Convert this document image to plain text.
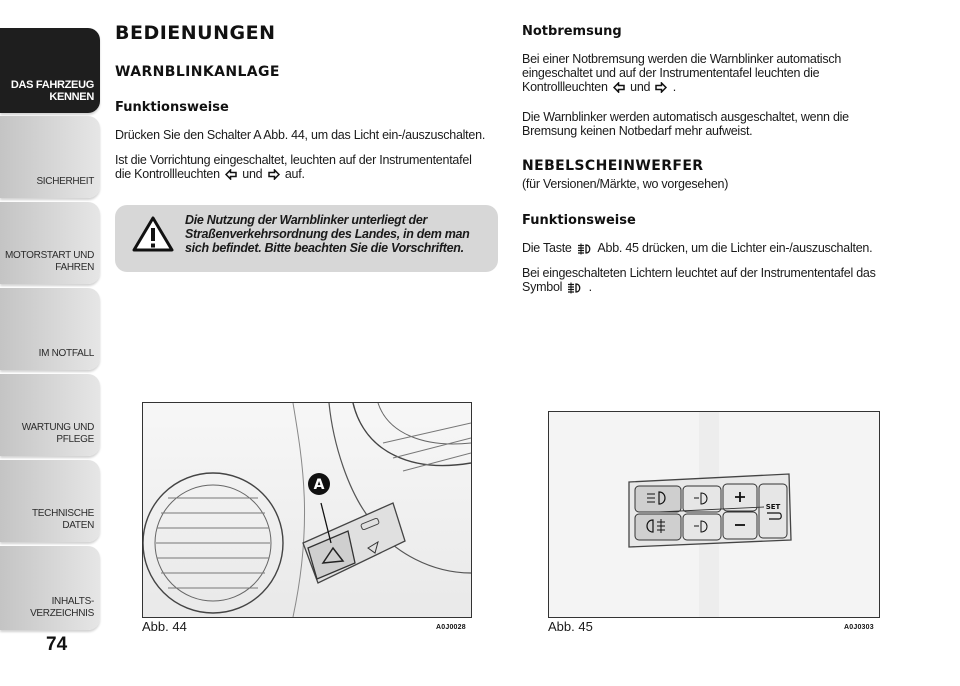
DAS FAHRZEUG
KENNEN
SICHERHEIT
MOTORSTART UND
FAHREN
IM NOTFALL
WARTUNG UND
PFLEGE
TECHNISCHE DATEN
INHALTS-
VERZEICHNIS
74
BEDIENUNGEN
WARNBLINKANLAGE
Funktionsweise
Drücken Sie den Schalter A Abb. 44, um das Licht ein-/auszuschalten.
Ist die Vorrichtung eingeschaltet, leuchten auf der Instrumententafel
die Kontrollleuchten und auf.
Die Nutzung der Warnblinker unterliegt der Straßenverkehrsordnung des Landes, in dem man sich befindet. Bitte beachten Sie die Vorschriften.
Notbremsung
Bei einer Notbremsung werden die Warnblinker automatisch
eingeschaltet und auf der Instrumententafel leuchten die
Kontrollleuchten und .
Die Warnblinker werden automatisch ausgeschaltet, wenn die
Bremsung keinen Notbedarf mehr aufweist.
NEBELSCHEINWERFER
(für Versionen/Märkte, wo vorgesehen)
Funktionsweise
Die Taste Abb. 45 drücken, um die Lichter ein-/auszuschalten.
Bei eingeschalteten Lichtern leuchtet auf der Instrumententafel das
Symbol .
A
Abb. 44	A0J0028
SET
Abb. 45	A0J0303
